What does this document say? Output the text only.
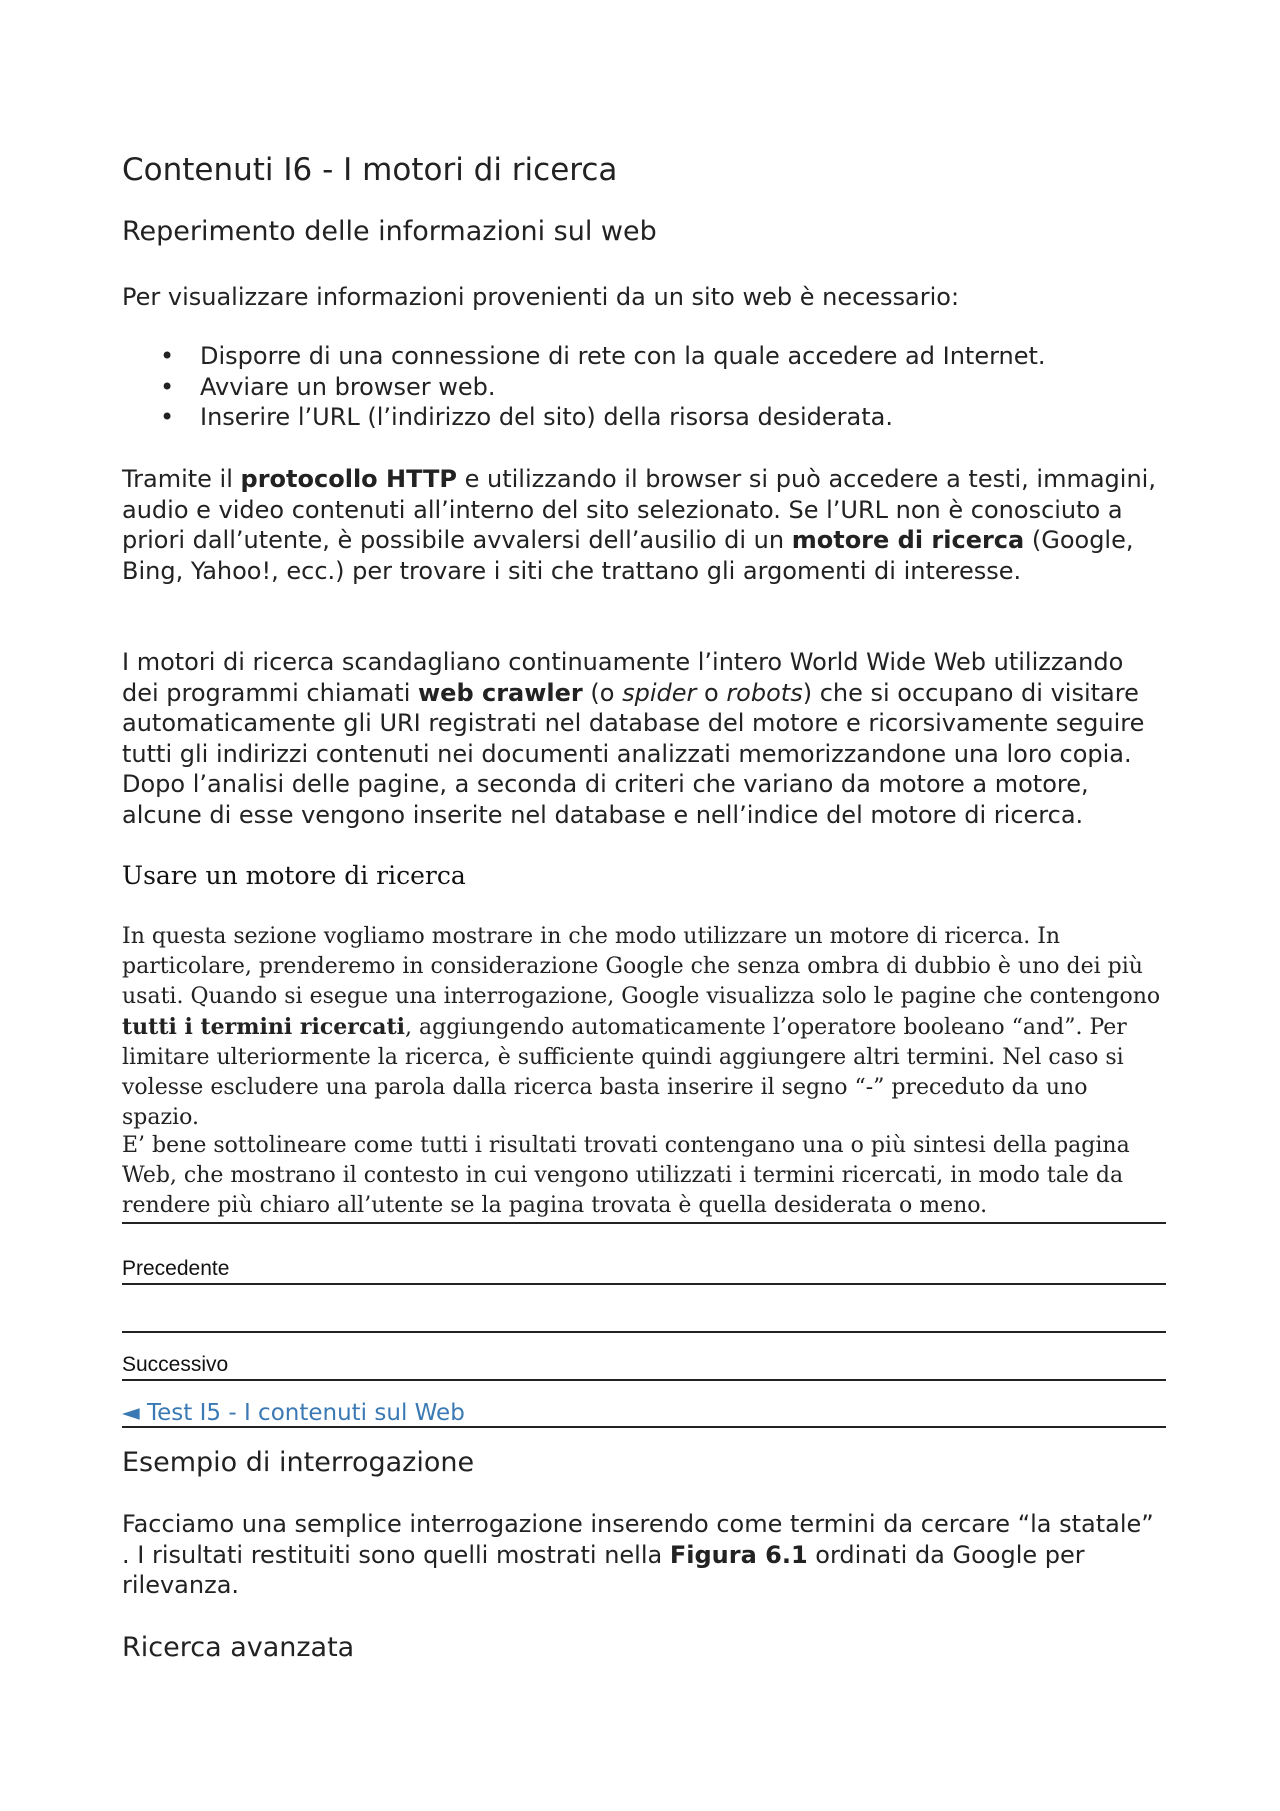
Contenuti I6 - I motori di ricerca
Reperimento delle informazioni sul web

Per visualizzare informazioni provenienti da un sito web è necessario:

• Disporre di una connessione di rete con la quale accedere ad Internet.
• Avviare un browser web.
• Inserire l’URL (l’indirizzo del sito) della risorsa desiderata.

Tramite il protocollo HTTP e utilizzando il browser si può accedere a testi, immagini, audio e video contenuti all’interno del sito selezionato. Se l’URL non è conosciuto a priori dall’utente, è possibile avvalersi dell’ausilio di un motore di ricerca (Google, Bing, Yahoo!, ecc.) per trovare i siti che trattano gli argomenti di interesse.

I motori di ricerca scandagliano continuamente l’intero World Wide Web utilizzando dei programmi chiamati web crawler (o spider o robots) che si occupano di visitare automaticamente gli URI registrati nel database del motore e ricorsivamente seguire tutti gli indirizzi contenuti nei documenti analizzati memorizzandone una loro copia. Dopo l’analisi delle pagine, a seconda di criteri che variano da motore a motore, alcune di esse vengono inserite nel database e nell’indice del motore di ricerca.

Usare un motore di ricerca

In questa sezione vogliamo mostrare in che modo utilizzare un motore di ricerca. In particolare, prenderemo in considerazione Google che senza ombra di dubbio è uno dei più usati. Quando si esegue una interrogazione, Google visualizza solo le pagine che contengono tutti i termini ricercati, aggiungendo automaticamente l’operatore booleano “and”. Per limitare ulteriormente la ricerca, è sufficiente quindi aggiungere altri termini. Nel caso si volesse escludere una parola dalla ricerca basta inserire il segno “-” preceduto da uno spazio.

E’ bene sottolineare come tutti i risultati trovati contengano una o più sintesi della pagina Web, che mostrano il contesto in cui vengono utilizzati i termini ricercati, in modo tale da rendere più chiaro all’utente se la pagina trovata è quella desiderata o meno.

Precedente
Successivo
◄ Test I5 - I contenuti sul Web
Esempio di interrogazione

Facciamo una semplice interrogazione inserendo come termini da cercare “la statale” . I risultati restituiti sono quelli mostrati nella Figura 6.1 ordinati da Google per rilevanza.

Ricerca avanzata
